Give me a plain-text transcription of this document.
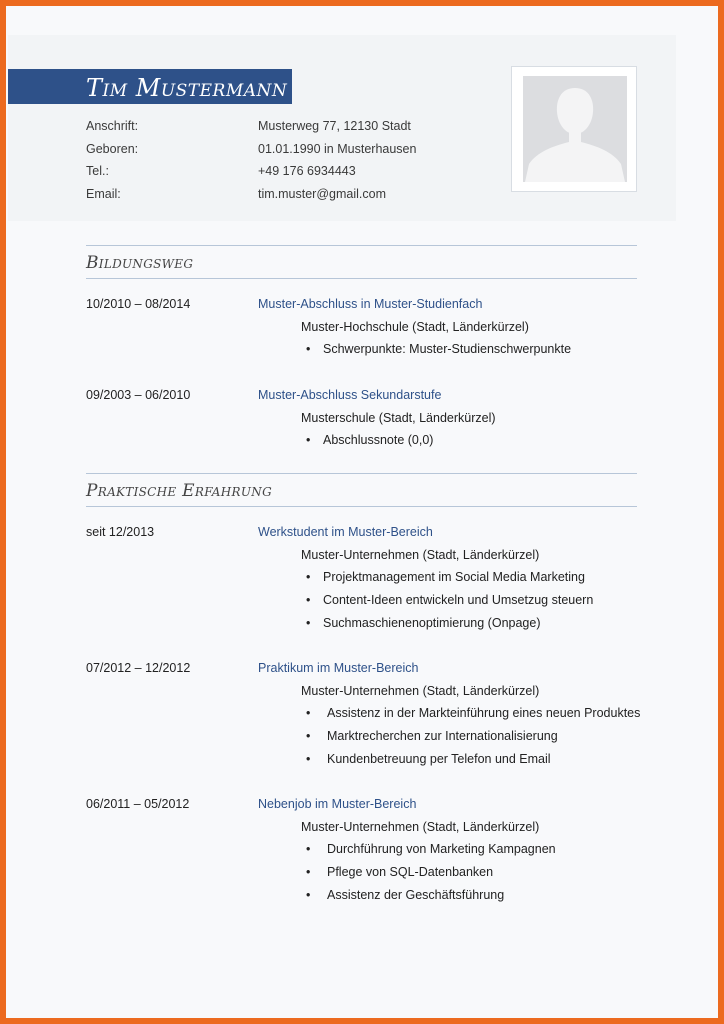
Tim Mustermann
Anschrift:	Musterweg 77, 12130 Stadt
Geboren:	01.01.1990 in Musterhausen
Tel.:	+49 176 6934443
Email:	tim.muster@gmail.com
Bildungsweg
10/2010 – 08/2014	Muster-Abschluss in Muster-Studienfach
Muster-Hochschule (Stadt, Länderkürzel)
• Schwerpunkte: Muster-Studienschwerpunkte
09/2003 – 06/2010	Muster-Abschluss Sekundarstufe
Musterschule (Stadt, Länderkürzel)
• Abschlussnote (0,0)
Praktische Erfahrung
seit 12/2013	Werkstudent im Muster-Bereich
Muster-Unternehmen (Stadt, Länderkürzel)
• Projektmanagement im Social Media Marketing
• Content-Ideen entwickeln und Umsetzug steuern
• Suchmaschienenoptimierung (Onpage)
07/2012 – 12/2012	Praktikum im Muster-Bereich
Muster-Unternehmen (Stadt, Länderkürzel)
• Assistenz in der Markteinführung eines neuen Produktes
• Marktrecherchen zur Internationalisierung
• Kundenbetreuung per Telefon und Email
06/2011 – 05/2012	Nebenjob im Muster-Bereich
Muster-Unternehmen (Stadt, Länderkürzel)
• Durchführung von Marketing Kampagnen
• Pflege von SQL-Datenbanken
• Assistenz der Geschäftsführung
